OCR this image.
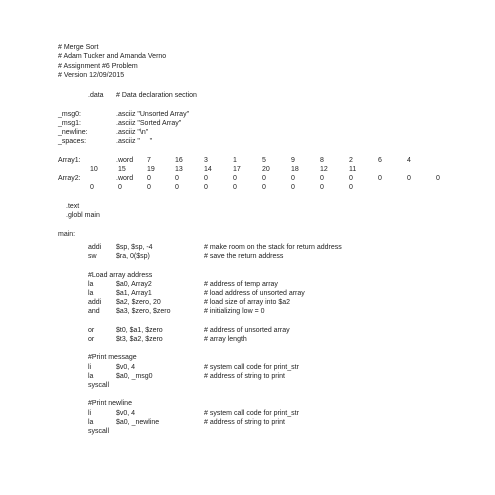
# Merge Sort
# Adam Tucker and Amanda Verno
# Assignment #6 Problem
# Version 12/09/2015
.data # Data declaration section
_msg0:	.asciiz "Unsorted Array"
_msg1:	.asciiz "Sorted Array"
_newline:	.asciiz "\n"
_spaces:	.asciiz "     "
Array1:	.word 7	16	3	1	5	9	8	2	6	4
10	15	19	13	14	17	20	18	12	11
Array2:	.word 0	0	0	0	0	0	0	0	0	0	0
0	0	0	0	0	0	0	0	0	0
.text
.globl main
main:
addi $sp, $sp, -4	# make room on the stack for return address
sw	$ra, 0($sp)	# save the return address
#Load array address
la	$a0, Array2	# address of temp array
la	$a1, Array1	# load address of unsorted array
addi $a2, $zero, 20	# load size of array into $a2
and $a3, $zero, $zero	# initializing low = 0
or	$t0, $a1, $zero	# address of unsorted array
or	$t3, $a2, $zero	# array length
#Print message
li	$v0, 4	# system call code for print_str
la	$a0, _msg0	# address of string to print
syscall
#Print newline
li	$v0, 4	# system call code for print_str
la	$a0, _newline	# address of string to print
syscall
